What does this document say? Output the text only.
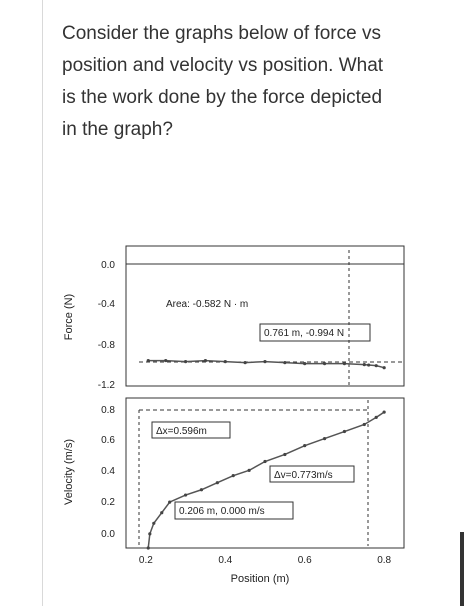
Consider the graphs below of force vs
position and velocity vs position. What
is the work done by the force depicted
in the graph?
Force (N)
0.0
-0.4
-0.8
-1.2
Area: -0.582 N · m
0.761 m, -0.994 N
Velocity (m/s)
0.8
0.6
0.4
0.2
0.0
Δx=0.596m
Δv=0.773m/s
0.206 m, 0.000 m/s
0.2	0.4	0.6	0.8
Position (m)
